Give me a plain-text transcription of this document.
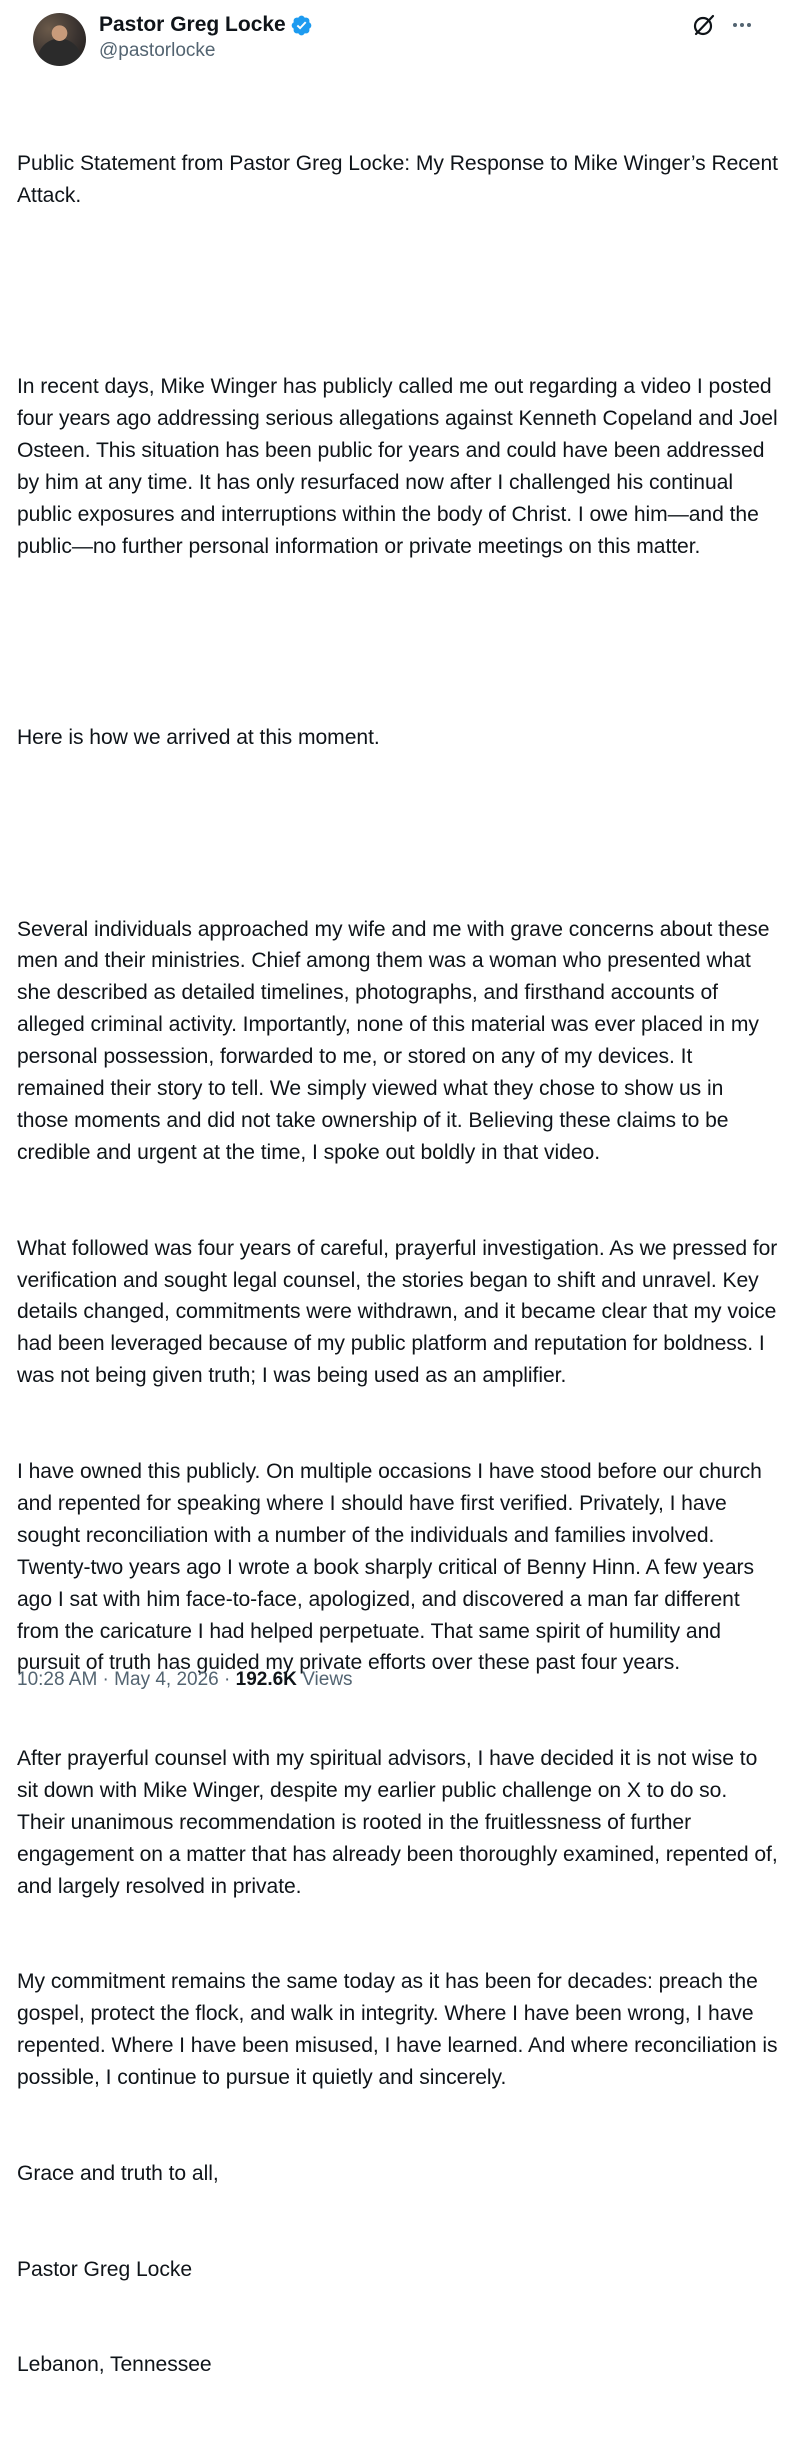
Pastor Greg Locke
@pastorlocke

Public Statement from Pastor Greg Locke: My Response to Mike Winger’s Recent Attack.

In recent days, Mike Winger has publicly called me out regarding a video I posted four years ago addressing serious allegations against Kenneth Copeland and Joel Osteen. This situation has been public for years and could have been addressed by him at any time. It has only resurfaced now after I challenged his continual public exposures and interruptions within the body of Christ. I owe him—and the public—no further personal information or private meetings on this matter.

Here is how we arrived at this moment.

Several individuals approached my wife and me with grave concerns about these men and their ministries. Chief among them was a woman who presented what she described as detailed timelines, photographs, and firsthand accounts of alleged criminal activity. Importantly, none of this material was ever placed in my personal possession, forwarded to me, or stored on any of my devices. It remained their story to tell. We simply viewed what they chose to show us in those moments and did not take ownership of it. Believing these claims to be credible and urgent at the time, I spoke out boldly in that video.

What followed was four years of careful, prayerful investigation. As we pressed for verification and sought legal counsel, the stories began to shift and unravel. Key details changed, commitments were withdrawn, and it became clear that my voice had been leveraged because of my public platform and reputation for boldness. I was not being given truth; I was being used as an amplifier.

I have owned this publicly. On multiple occasions I have stood before our church and repented for speaking where I should have first verified. Privately, I have sought reconciliation with a number of the individuals and families involved. Twenty-two years ago I wrote a book sharply critical of Benny Hinn. A few years ago I sat with him face-to-face, apologized, and discovered a man far different from the caricature I had helped perpetuate. That same spirit of humility and pursuit of truth has guided my private efforts over these past four years.

After prayerful counsel with my spiritual advisors, I have decided it is not wise to sit down with Mike Winger, despite my earlier public challenge on X to do so. Their unanimous recommendation is rooted in the fruitlessness of further engagement on a matter that has already been thoroughly examined, repented of, and largely resolved in private.

My commitment remains the same today as it has been for decades: preach the gospel, protect the flock, and walk in integrity. Where I have been wrong, I have repented. Where I have been misused, I have learned. And where reconciliation is possible, I continue to pursue it quietly and sincerely.

Grace and truth to all,

Pastor Greg Locke

Lebanon, Tennessee

10:28 AM · May 4, 2026 · 192.6K Views
